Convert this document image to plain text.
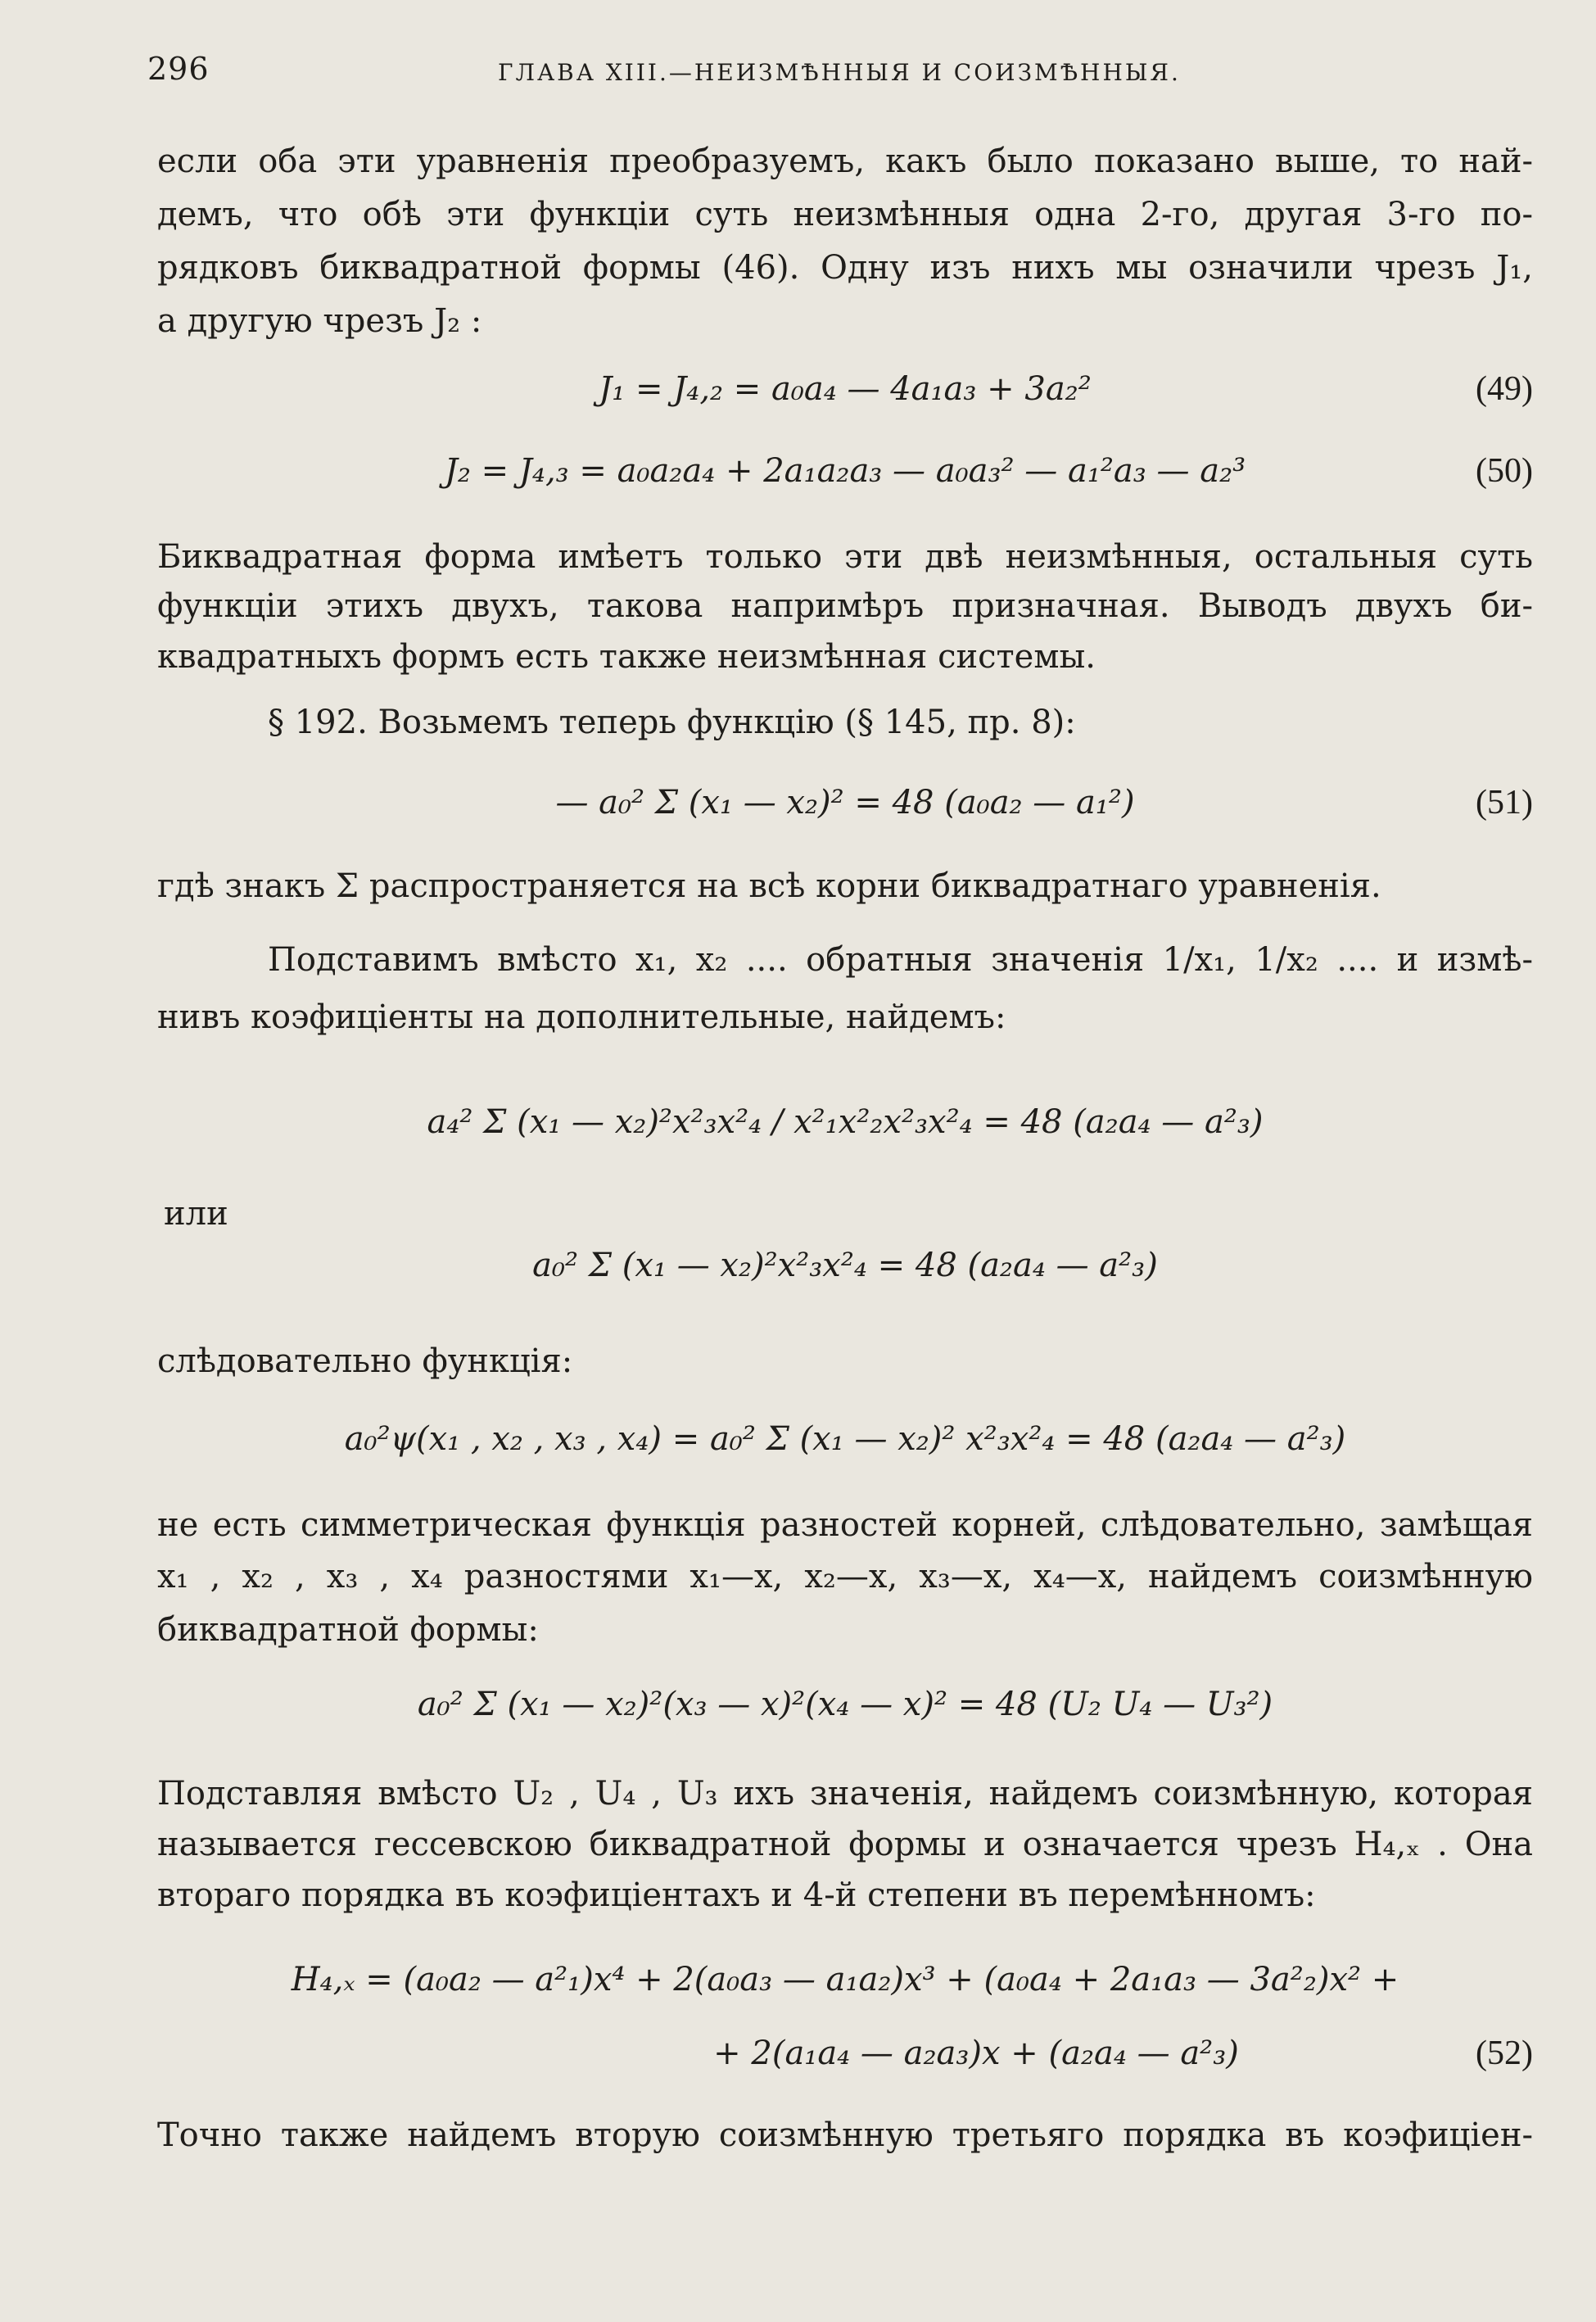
296	ГЛАВА XIII.—НЕИЗМѢННЫЯ И СОИЗМѢННЫЯ.
если оба эти уравненія преобразуемъ, какъ было показано выше, то най-
демъ, что обѣ эти функціи суть неизмѣнныя одна 2-го, другая 3-го по-
рядковъ биквадратной формы (46). Одну изъ нихъ мы означили чрезъ J₁,
а другую чрезъ J₂ :
J₁ = J₄,₂ = a₀a₄ — 4a₁a₃ + 3a₂²	(49)
J₂ = J₄,₃ = a₀a₂a₄ + 2a₁a₂a₃ — a₀a₃² — a₁²a₃ — a₂³	(50)
Биквадратная форма имѣетъ только эти двѣ неизмѣнныя, остальныя суть
функціи этихъ двухъ, такова напримѣръ призначная. Выводъ двухъ би-
квадратныхъ формъ есть также неизмѣнная системы.
§ 192. Возьмемъ теперь функцію (§ 145, пр. 8):
— a₀² Σ (x₁ — x₂)² = 48 (a₀a₂ — a₁²)	(51)
гдѣ знакъ Σ распространяется на всѣ корни биквадратнаго уравненія.
Подставимъ вмѣсто x₁, x₂ .... обратныя значенія 1/x₁, 1/x₂ .... и измѣ-
нивъ коэфиціенты на дополнительные, найдемъ:
a₄² Σ (x₁ — x₂)²x²₃x²₄ / x²₁x²₂x²₃x²₄ = 48 (a₂a₄ — a²₃)
или
a₀² Σ (x₁ — x₂)²x²₃x²₄ = 48 (a₂a₄ — a²₃)
слѣдовательно функція:
a₀²ψ(x₁ , x₂ , x₃ , x₄) = a₀² Σ (x₁ — x₂)² x²₃x²₄ = 48 (a₂a₄ — a²₃)
не есть симметрическая функція разностей корней, слѣдовательно, замѣщая
x₁ , x₂ , x₃ , x₄ разностями x₁—x, x₂—x, x₃—x, x₄—x, найдемъ соизмѣнную
биквадратной формы:
a₀² Σ (x₁ — x₂)²(x₃ — x)²(x₄ — x)² = 48 (U₂ U₄ — U₃²)
Подставляя вмѣсто U₂ , U₄ , U₃ ихъ значенія, найдемъ соизмѣнную, которая
называется гессевскою биквадратной формы и означается чрезъ H₄,ₓ . Она
втораго порядка въ коэфиціентахъ и 4-й степени въ перемѣнномъ:
H₄,ₓ = (a₀a₂ — a²₁)x⁴ + 2(a₀a₃ — a₁a₂)x³ + (a₀a₄ + 2a₁a₃ — 3a²₂)x² +
+ 2(a₁a₄ — a₂a₃)x + (a₂a₄ — a²₃)	(52)
Точно также найдемъ вторую соизмѣнную третьяго порядка въ коэфиціен-
